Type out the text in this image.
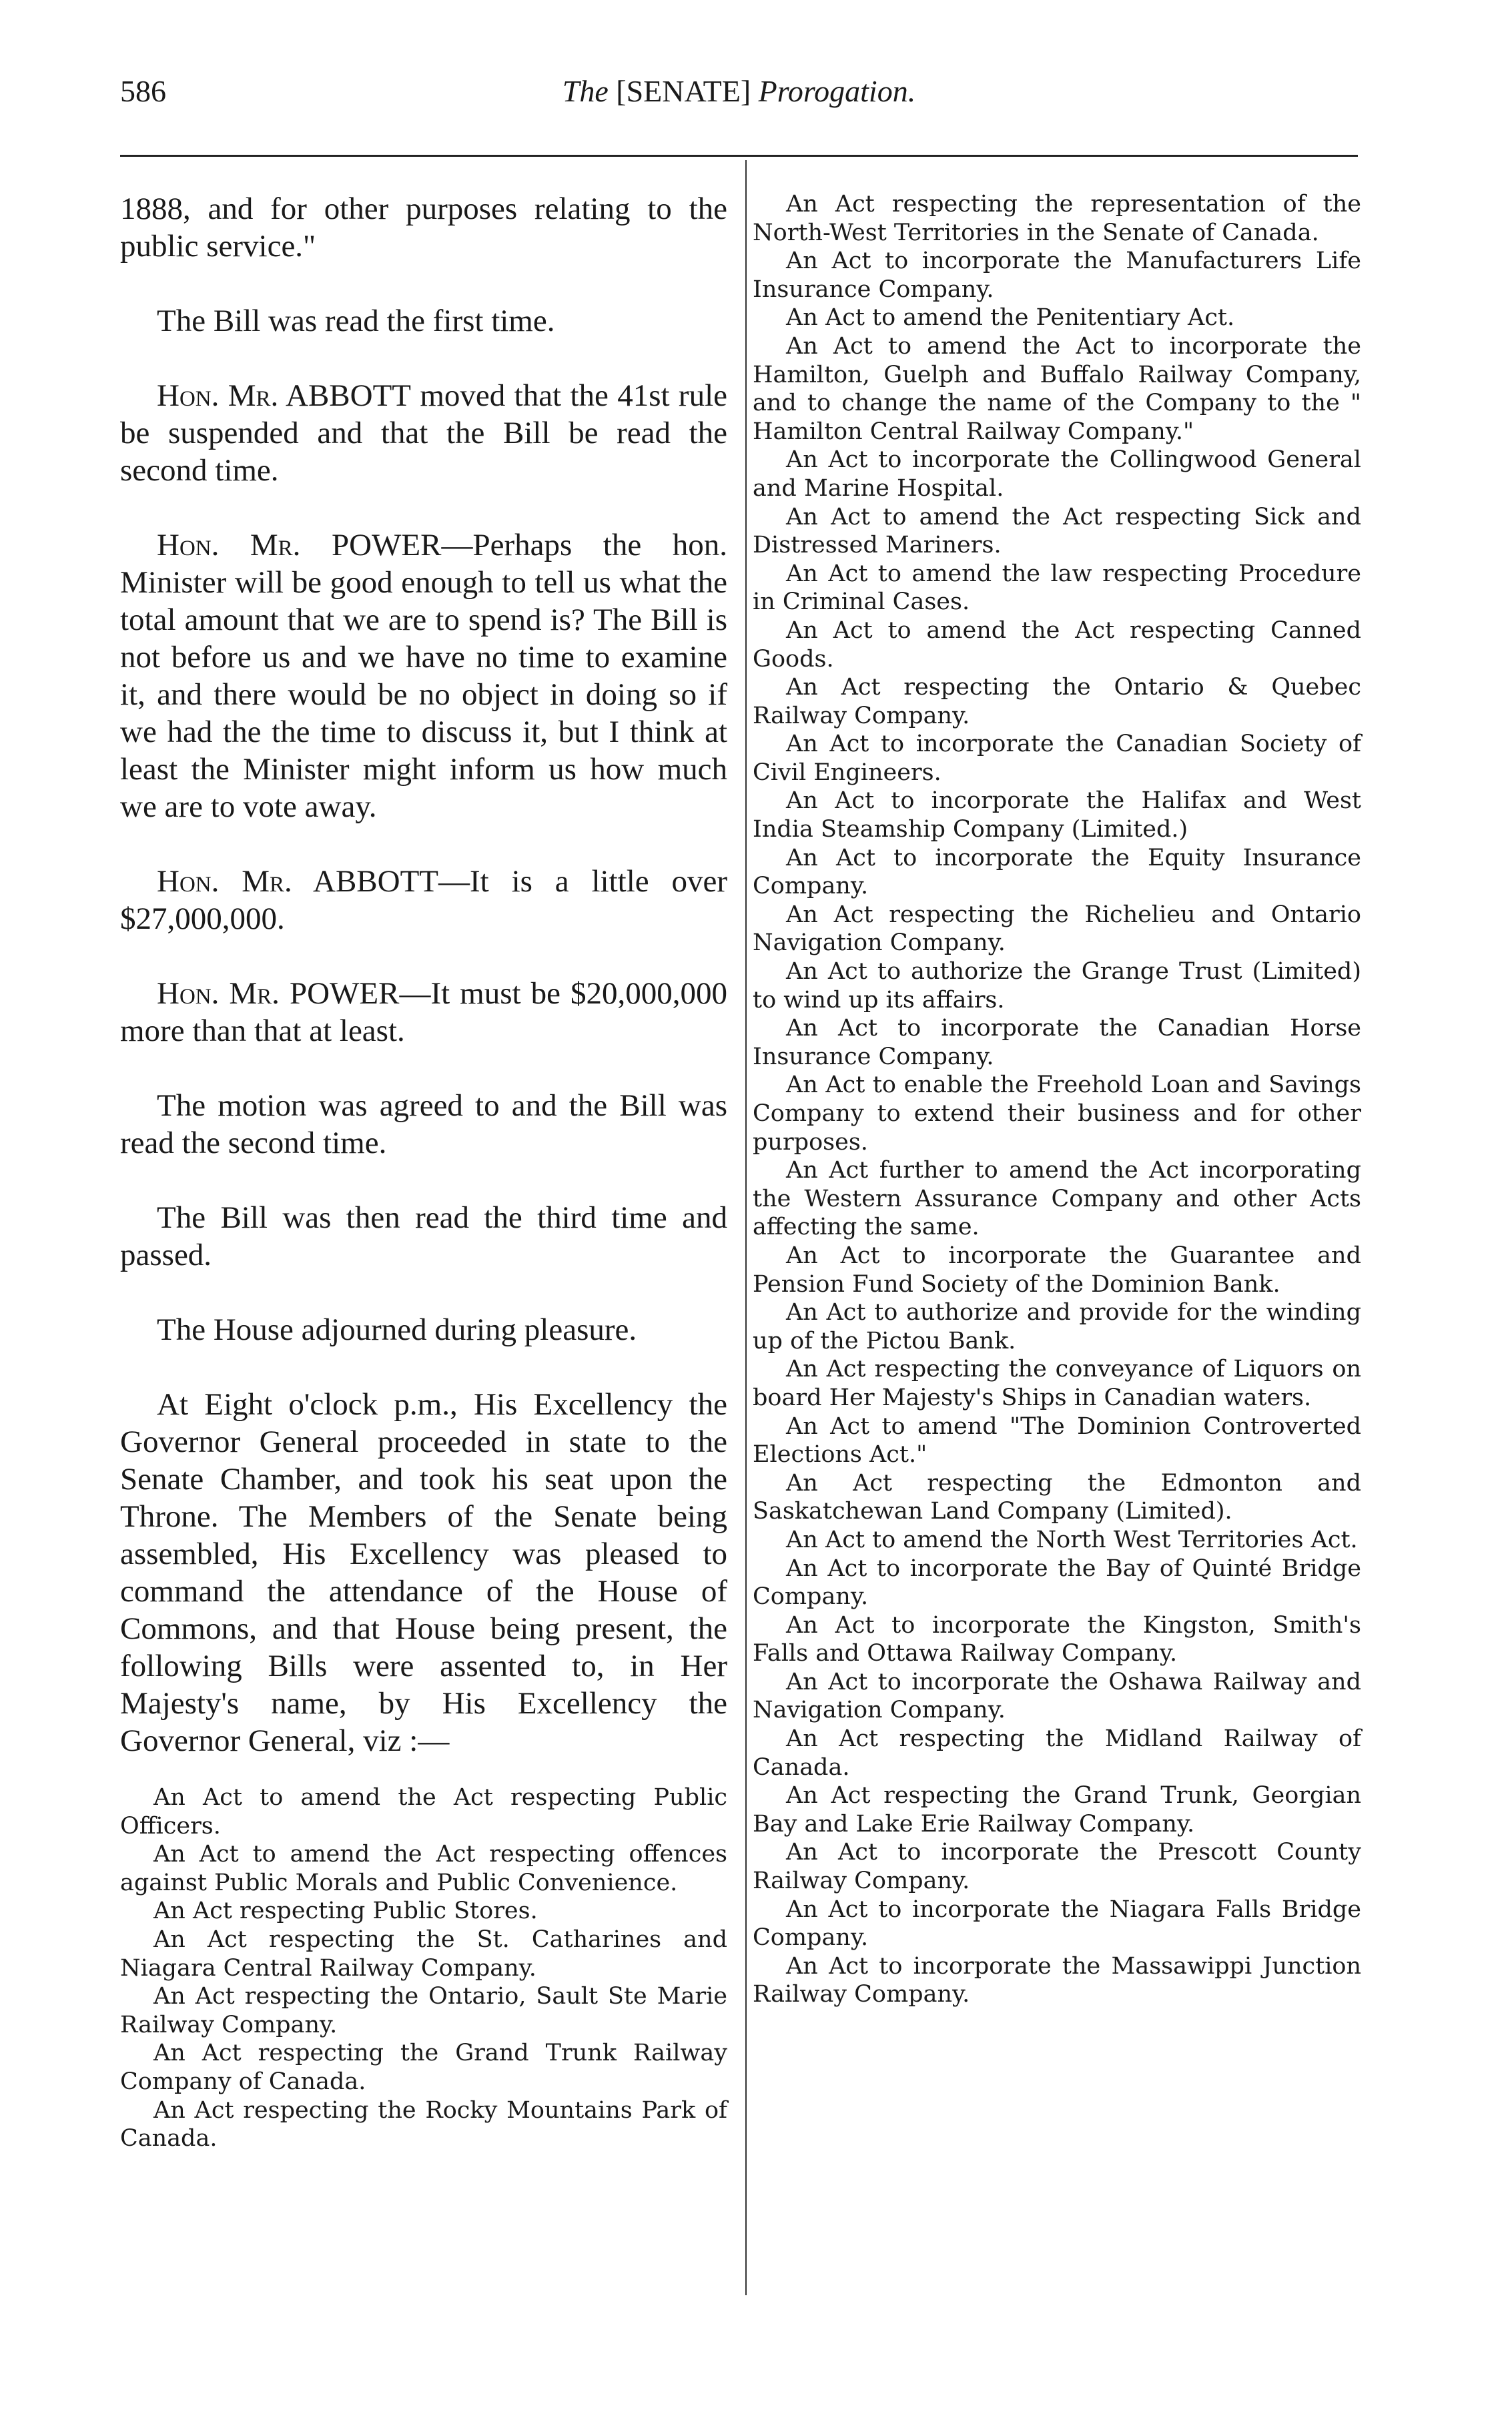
586	The [SENATE] Prorogation.

1888, and for other purposes relating to the public service."

The Bill was read the first time.

Hon. Mr. ABBOTT moved that the 41st rule be suspended and that the Bill be read the second time.

Hon. Mr. POWER—Perhaps the hon. Minister will be good enough to tell us what the total amount that we are to spend is? The Bill is not before us and we have no time to examine it, and there would be no object in doing so if we had the the time to discuss it, but I think at least the Minister might inform us how much we are to vote away.

Hon. Mr. ABBOTT—It is a little over $27,000,000.

Hon. Mr. POWER—It must be $20,000,000 more than that at least.

The motion was agreed to and the Bill was read the second time.

The Bill was then read the third time and passed.

The House adjourned during pleasure.

At Eight o'clock p.m., His Excellency the Governor General proceeded in state to the Senate Chamber, and took his seat upon the Throne. The Members of the Senate being assembled, His Excellency was pleased to command the attendance of the House of Commons, and that House being present, the following Bills were assented to, in Her Majesty's name, by His Excellency the Governor General, viz :—

An Act to amend the Act respecting Public Officers.

An Act to amend the Act respecting offences against Public Morals and Public Convenience.

An Act respecting Public Stores.

An Act respecting the St. Catharines and Niagara Central Railway Company.

An Act respecting the Ontario, Sault Ste Marie Railway Company.

An Act respecting the Grand Trunk Railway Company of Canada.

An Act respecting the Rocky Mountains Park of Canada.

An Act respecting the representation of the North-West Territories in the Senate of Canada.

An Act to incorporate the Manufacturers Life Insurance Company.

An Act to amend the Penitentiary Act.

An Act to amend the Act to incorporate the Hamilton, Guelph and Buffalo Railway Company, and to change the name of the Company to the " Hamilton Central Railway Company."

An Act to incorporate the Collingwood General and Marine Hospital.

An Act to amend the Act respecting Sick and Distressed Mariners.

An Act to amend the law respecting Procedure in Criminal Cases.

An Act to amend the Act respecting Canned Goods.

An Act respecting the Ontario & Quebec Railway Company.

An Act to incorporate the Canadian Society of Civil Engineers.

An Act to incorporate the Halifax and West India Steamship Company (Limited.)

An Act to incorporate the Equity Insurance Company.

An Act respecting the Richelieu and Ontario Navigation Company.

An Act to authorize the Grange Trust (Limited) to wind up its affairs.

An Act to incorporate the Canadian Horse Insurance Company.

An Act to enable the Freehold Loan and Savings Company to extend their business and for other purposes.

An Act further to amend the Act incorporating the Western Assurance Company and other Acts affecting the same.

An Act to incorporate the Guarantee and Pension Fund Society of the Dominion Bank.

An Act to authorize and provide for the winding up of the Pictou Bank.

An Act respecting the conveyance of Liquors on board Her Majesty's Ships in Canadian waters.

An Act to amend "The Dominion Controverted Elections Act."

An Act respecting the Edmonton and Saskatchewan Land Company (Limited).

An Act to amend the North West Territories Act.

An Act to incorporate the Bay of Quinté Bridge Company.

An Act to incorporate the Kingston, Smith's Falls and Ottawa Railway Company.

An Act to incorporate the Oshawa Railway and Navigation Company.

An Act respecting the Midland Railway of Canada.

An Act respecting the Grand Trunk, Georgian Bay and Lake Erie Railway Company.

An Act to incorporate the Prescott County Railway Company.

An Act to incorporate the Niagara Falls Bridge Company.

An Act to incorporate the Massawippi Junction Railway Company.
